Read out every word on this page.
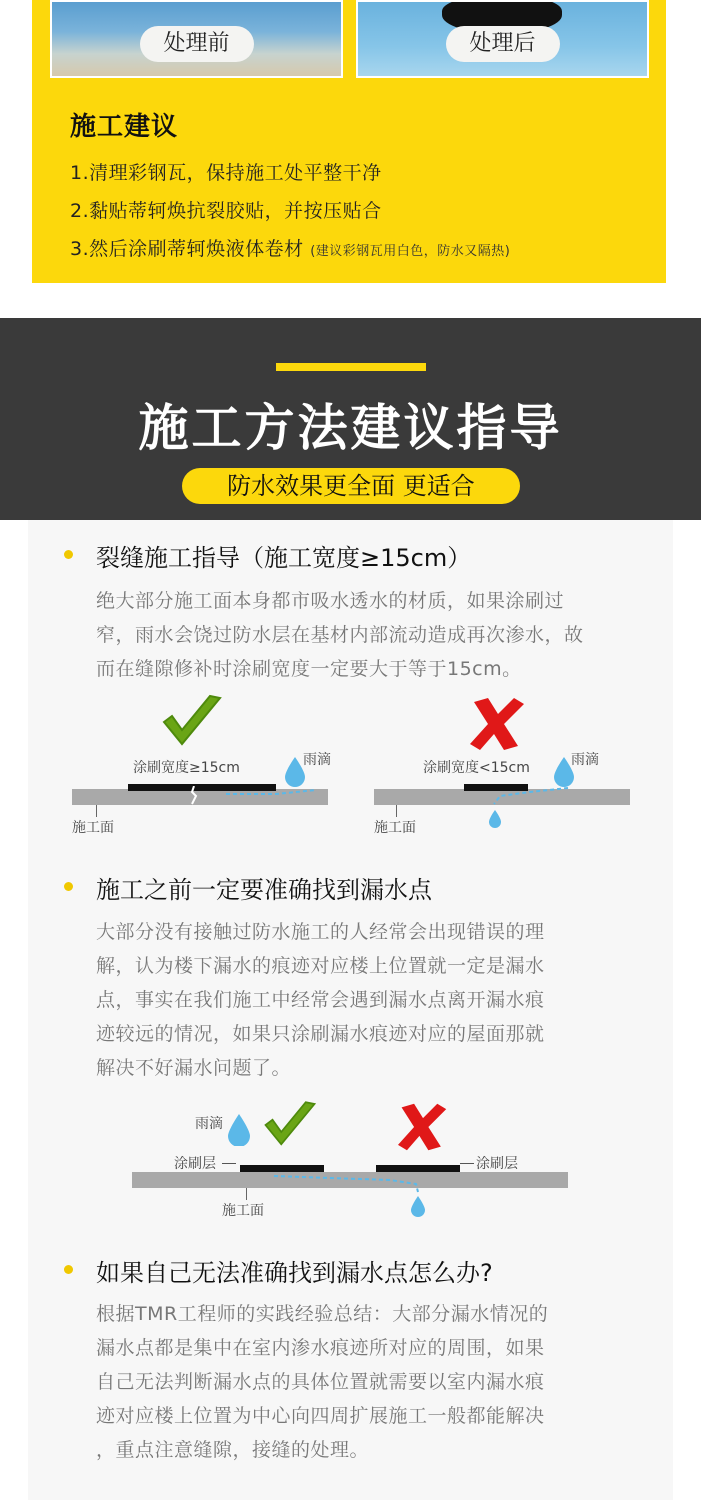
处理前	处理后
施工建议
1.清理彩钢瓦，保持施工处平整干净
2.黏贴蒂轲焕抗裂胶贴，并按压贴合
3.然后涂刷蒂轲焕液体卷材 (建议彩钢瓦用白色，防水又隔热)
施工方法建议指导
防水效果更全面 更适合
裂缝施工指导（施工宽度≥15cm）
绝大部分施工面本身都市吸水透水的材质，如果涂刷过
窄，雨水会饶过防水层在基材内部流动造成再次渗水，故
而在缝隙修补时涂刷宽度一定要大于等于15cm。
涂刷宽度≥15cm	雨滴
施工面
涂刷宽度<15cm	雨滴
施工面
施工之前一定要准确找到漏水点
大部分没有接触过防水施工的人经常会出现错误的理
解，认为楼下漏水的痕迹对应楼上位置就一定是漏水
点，事实在我们施工中经常会遇到漏水点离开漏水痕
迹较远的情况，如果只涂刷漏水痕迹对应的屋面那就
解决不好漏水问题了。
雨滴
涂刷层	涂刷层
施工面
如果自己无法准确找到漏水点怎么办?
根据TMR工程师的实践经验总结：大部分漏水情况的
漏水点都是集中在室内渗水痕迹所对应的周围，如果
自己无法判断漏水点的具体位置就需要以室内漏水痕
迹对应楼上位置为中心向四周扩展施工一般都能解决
，重点注意缝隙，接缝的处理。
